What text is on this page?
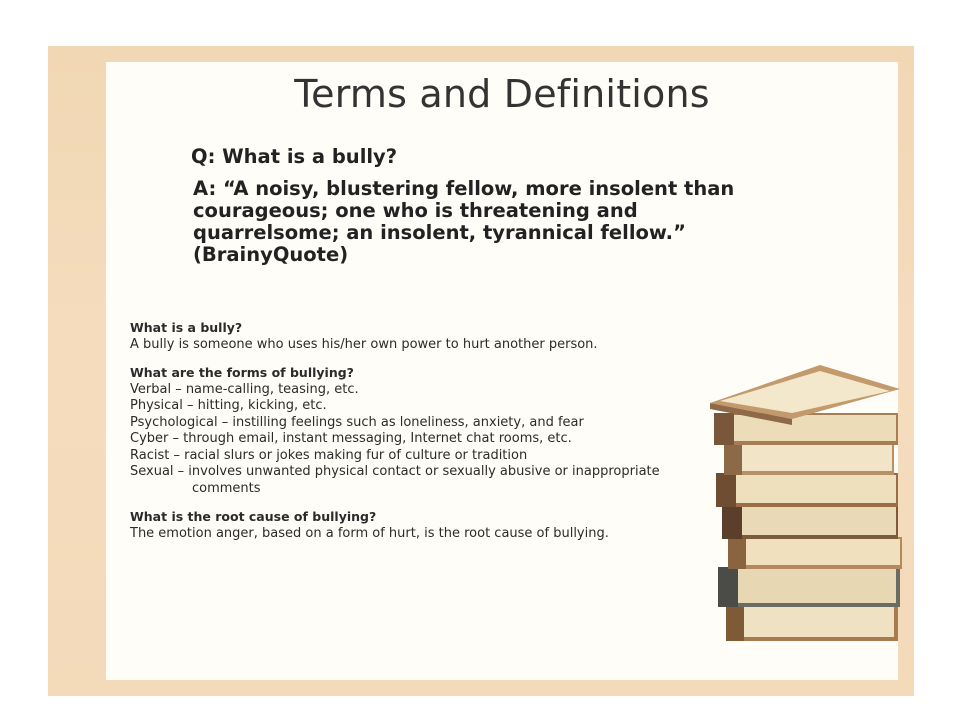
Terms and Definitions
Q: What is a bully?
A: “A noisy, blustering fellow, more insolent than courageous; one who is threatening and quarrelsome; an insolent, tyrannical fellow.” (BrainyQuote)
What is a bully?
A bully is someone who uses his/her own power to hurt another person.
What are the forms of bullying?
Verbal – name-calling, teasing, etc.
Physical – hitting, kicking, etc.
Psychological – instilling feelings such as loneliness, anxiety, and fear
Cyber – through email, instant messaging, Internet chat rooms, etc.
Racist – racial slurs or jokes making fur of culture or tradition
Sexual – involves unwanted physical contact or sexually abusive or inappropriate comments
What is the root cause of bullying?
The emotion anger, based on a form of hurt, is the root cause of bullying.
